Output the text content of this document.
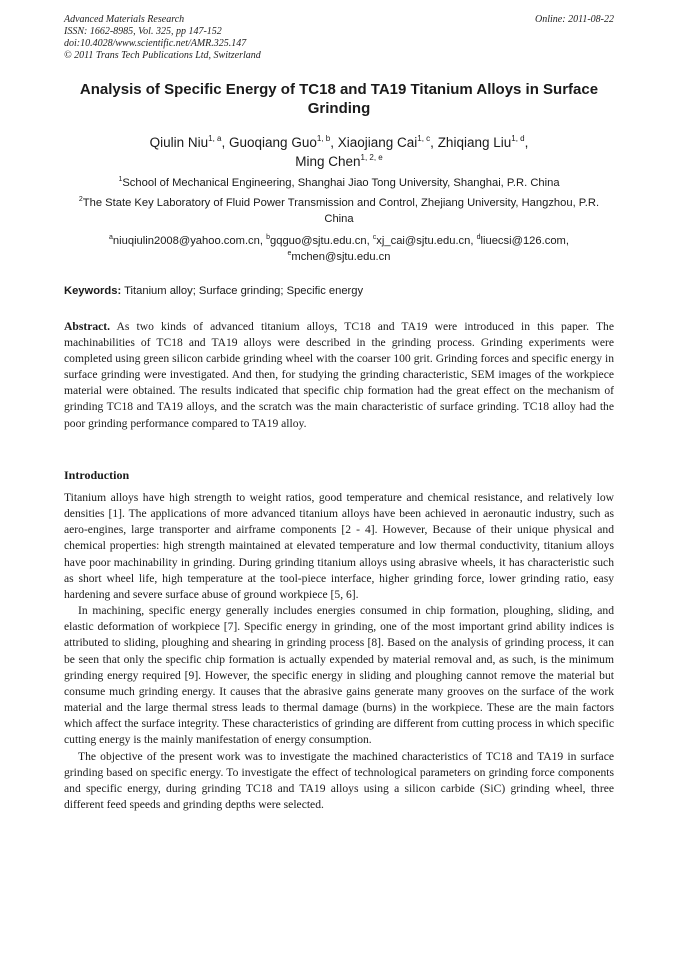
Advanced Materials Research
ISSN: 1662-8985, Vol. 325, pp 147-152
doi:10.4028/www.scientific.net/AMR.325.147
© 2011 Trans Tech Publications Ltd, Switzerland
Online: 2011-08-22
Analysis of Specific Energy of TC18 and TA19 Titanium Alloys in Surface Grinding
Qiulin Niu$^{1, a}$, Guoqiang Guo$^{1, b}$, Xiaojiang Cai$^{1, c}$, Zhiqiang Liu$^{1, d}$,
Ming Chen$^{1, 2, e}$
$^1$School of Mechanical Engineering, Shanghai Jiao Tong University, Shanghai, P.R. China
$^2$The State Key Laboratory of Fluid Power Transmission and Control, Zhejiang University, Hangzhou, P.R. China
$^a$niuqiulin2008@yahoo.com.cn, $^b$gqguo@sjtu.edu.cn, $^c$xj_cai@sjtu.edu.cn, $^d$liuecsi@126.com,
$^e$mchen@sjtu.edu.cn
Keywords: Titanium alloy; Surface grinding; Specific energy
Abstract. As two kinds of advanced titanium alloys, TC18 and TA19 were introduced in this paper. The machinabilities of TC18 and TA19 alloys were described in the grinding process. Grinding experiments were completed using green silicon carbide grinding wheel with the coarser 100 grit. Grinding forces and specific energy in surface grinding were investigated. And then, for studying the grinding characteristic, SEM images of the workpiece material were obtained. The results indicated that specific chip formation had the great effect on the mechanism of grinding TC18 and TA19 alloys, and the scratch was the main characteristic of surface grinding. TC18 alloy had the poor grinding performance compared to TA19 alloy.
Introduction

Titanium alloys have high strength to weight ratios, good temperature and chemical resistance, and relatively low densities [1]. The applications of more advanced titanium alloys have been achieved in aeronautic industry, such as aero-engines, large transporter and airframe components [2 - 4]. However, Because of their unique physical and chemical properties: high strength maintained at elevated temperature and low thermal conductivity, titanium alloys have poor machinability in grinding. During grinding titanium alloys using abrasive wheels, it has characteristic such as short wheel life, high temperature at the tool-piece interface, higher grinding force, lower grinding ratio, easy hardening and severe surface abuse of ground workpiece [5, 6].

In machining, specific energy generally includes energies consumed in chip formation, ploughing, sliding, and elastic deformation of workpiece [7]. Specific energy in grinding, one of the most important grind ability indices is attributed to sliding, ploughing and shearing in grinding process [8]. Based on the analysis of grinding process, it can be seen that only the specific chip formation is actually expended by material removal and, as such, is the minimum grinding energy required [9]. However, the specific energy in sliding and ploughing cannot remove the material but consume much grinding energy. It causes that the abrasive gains generate many grooves on the surface of the work material and the large thermal stress leads to thermal damage (burns) in the workpiece. These are the main factors which affect the surface integrity. These characteristics of grinding are different from cutting process in which specific cutting energy is the mainly manifestation of energy consumption.

The objective of the present work was to investigate the machined characteristics of TC18 and TA19 in surface grinding based on specific energy. To investigate the effect of technological parameters on grinding force components and specific energy, during grinding TC18 and TA19 alloys using a silicon carbide (SiC) grinding wheel, three different feed speeds and grinding depths were selected.
